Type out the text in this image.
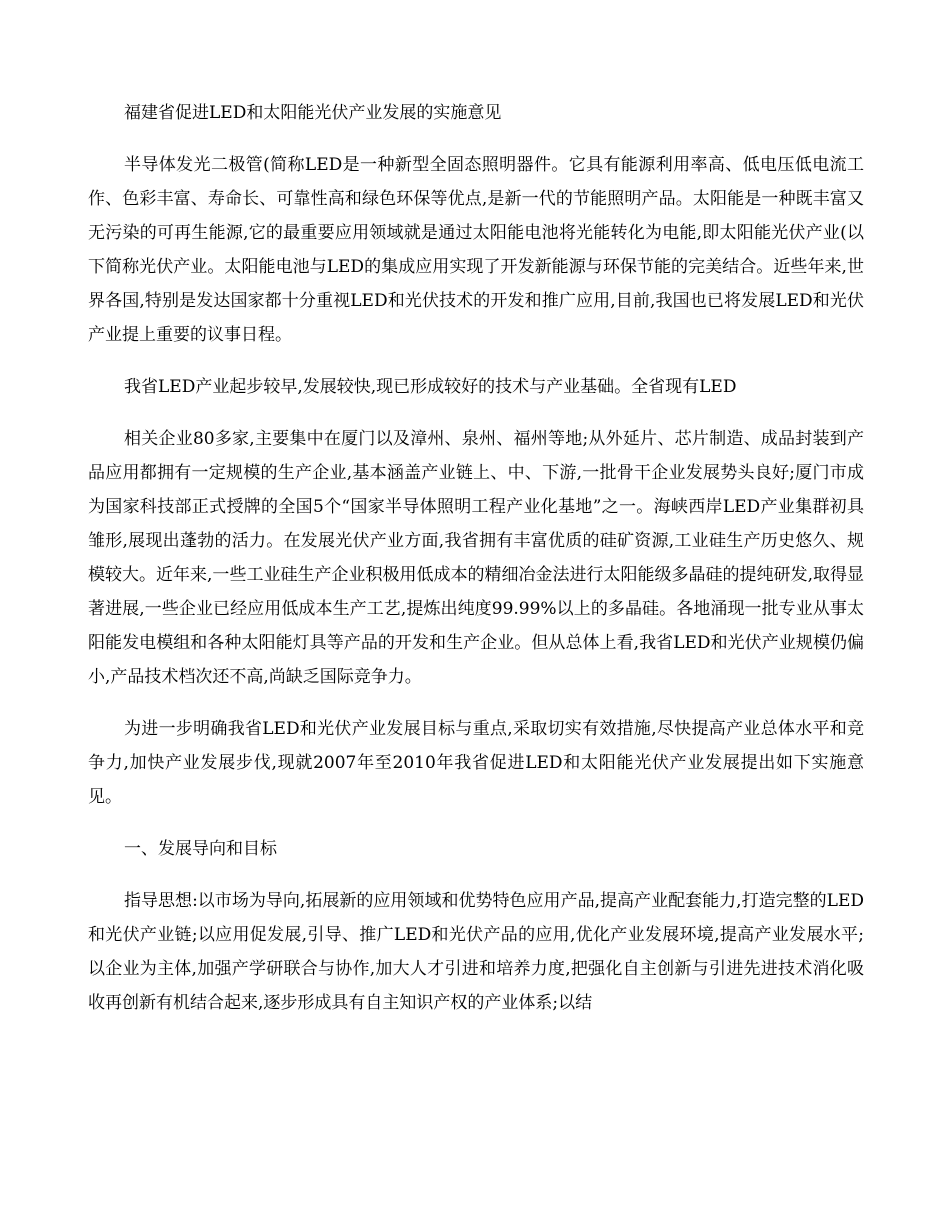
福建省促进LED和太阳能光伏产业发展的实施意见

半导体发光二极管(简称LED是一种新型全固态照明器件。它具有能源利用率高、低电压低电流工作、色彩丰富、寿命长、可靠性高和绿色环保等优点,是新一代的节能照明产品。太阳能是一种既丰富又无污染的可再生能源,它的最重要应用领域就是通过太阳能电池将光能转化为电能,即太阳能光伏产业(以下简称光伏产业。太阳能电池与LED的集成应用实现了开发新能源与环保节能的完美结合。近些年来,世界各国,特别是发达国家都十分重视LED和光伏技术的开发和推广应用,目前,我国也已将发展LED和光伏产业提上重要的议事日程。

我省LED产业起步较早,发展较快,现已形成较好的技术与产业基础。全省现有LED

相关企业80多家,主要集中在厦门以及漳州、泉州、福州等地;从外延片、芯片制造、成品封装到产品应用都拥有一定规模的生产企业,基本涵盖产业链上、中、下游,一批骨干企业发展势头良好;厦门市成为国家科技部正式授牌的全国5个“国家半导体照明工程产业化基地”之一。海峡西岸LED产业集群初具雏形,展现出蓬勃的活力。在发展光伏产业方面,我省拥有丰富优质的硅矿资源,工业硅生产历史悠久、规模较大。近年来,一些工业硅生产企业积极用低成本的精细冶金法进行太阳能级多晶硅的提纯研发,取得显著进展,一些企业已经应用低成本生产工艺,提炼出纯度99.99%以上的多晶硅。各地涌现一批专业从事太阳能发电模组和各种太阳能灯具等产品的开发和生产企业。但从总体上看,我省LED和光伏产业规模仍偏小,产品技术档次还不高,尚缺乏国际竞争力。

为进一步明确我省LED和光伏产业发展目标与重点,采取切实有效措施,尽快提高产业总体水平和竞争力,加快产业发展步伐,现就2007年至2010年我省促进LED和太阳能光伏产业发展提出如下实施意见。

一、发展导向和目标

指导思想:以市场为导向,拓展新的应用领域和优势特色应用产品,提高产业配套能力,打造完整的LED和光伏产业链;以应用促发展,引导、推广LED和光伏产品的应用,优化产业发展环境,提高产业发展水平;以企业为主体,加强产学研联合与协作,加大人才引进和培养力度,把强化自主创新与引进先进技术消化吸收再创新有机结合起来,逐步形成具有自主知识产权的产业体系;以结
